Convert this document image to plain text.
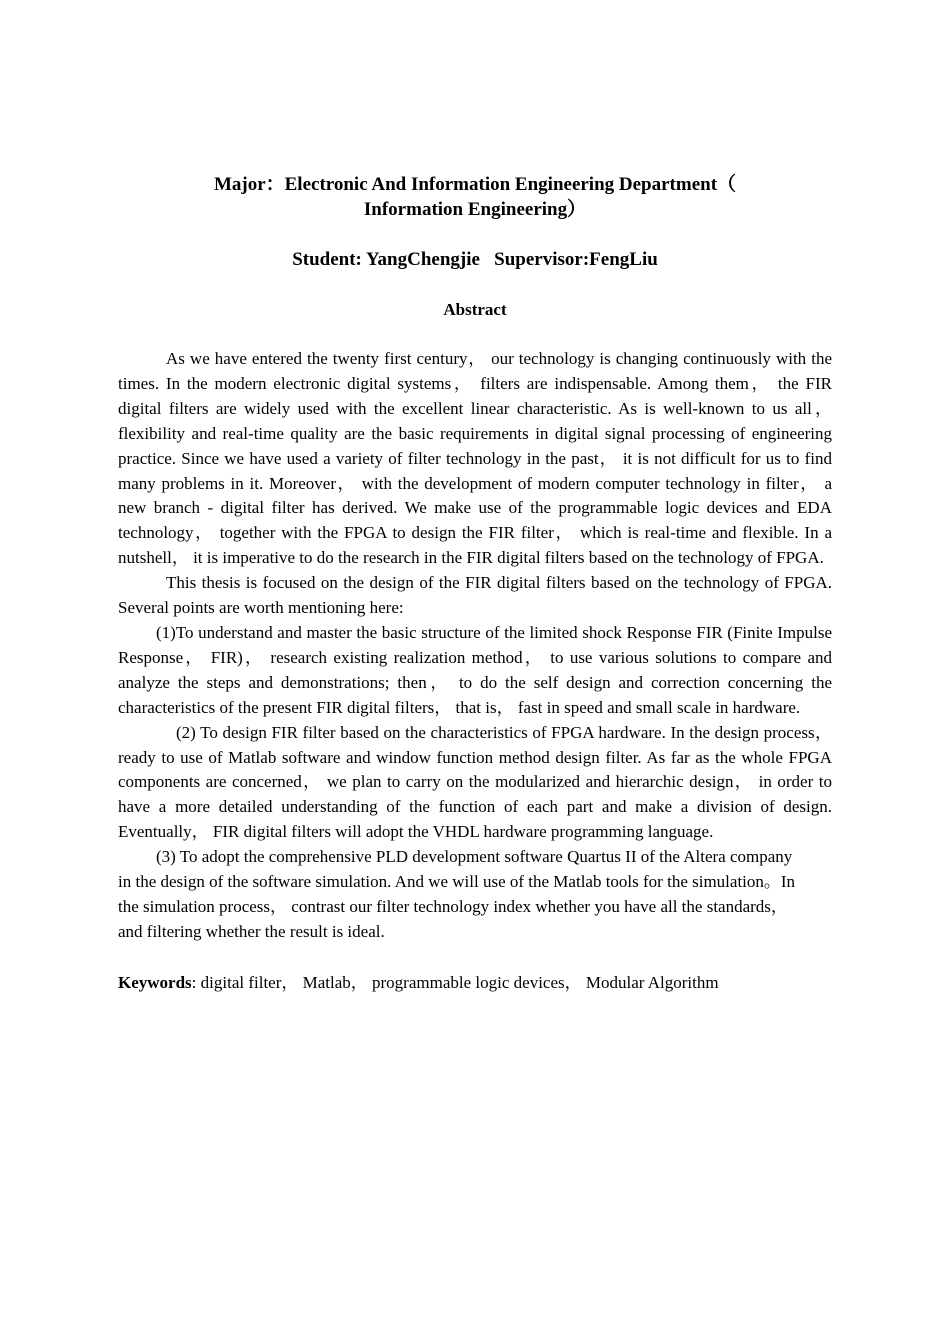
Major：Electronic And Information Engineering Department（

Information Engineering）

Student: YangChengjie   Supervisor:FengLiu

Abstract

As we have entered the twenty first century， our technology is changing continuously with the times. In the modern electronic digital systems， filters are indispensable. Among them， the FIR digital filters are widely used with the excellent linear characteristic. As is well-known to us all， flexibility and real-time quality are the basic requirements in digital signal processing of engineering practice. Since we have used a variety of filter technology in the past， it is not difficult for us to find many problems in it. Moreover， with the development of modern computer technology in filter， a new branch - digital filter has derived. We make use of the programmable logic devices and EDA technology， together with the FPGA to design the FIR filter， which is real-time and flexible. In a nutshell， it is imperative to do the research in the FIR digital filters based on the technology of FPGA.

This thesis is focused on the design of the FIR digital filters based on the technology of FPGA. Several points are worth mentioning here:

(1)To understand and master the basic structure of the limited shock Response FIR (Finite Impulse Response， FIR)， research existing realization method， to use various solutions to compare and analyze the steps and demonstrations; then， to do the self design and correction concerning the characteristics of the present FIR digital filters， that is， fast in speed and small scale in hardware.

(2) To design FIR filter based on the characteristics of FPGA hardware. In the design process， ready to use of Matlab software and window function method design filter. As far as the whole FPGA components are concerned， we plan to carry on the modularized and hierarchic design， in order to have a more detailed understanding of the function of each part and make a division of design. Eventually， FIR digital filters will adopt the VHDL hardware programming language.

(3) To adopt the comprehensive PLD development software Quartus II of the Altera company in the design of the software simulation. And we will use of the Matlab tools for the simulation。In the simulation process， contrast our filter technology index whether you have all the standards， and filtering whether the result is ideal.

Keywords: digital filter， Matlab， programmable logic devices， Modular Algorithm
